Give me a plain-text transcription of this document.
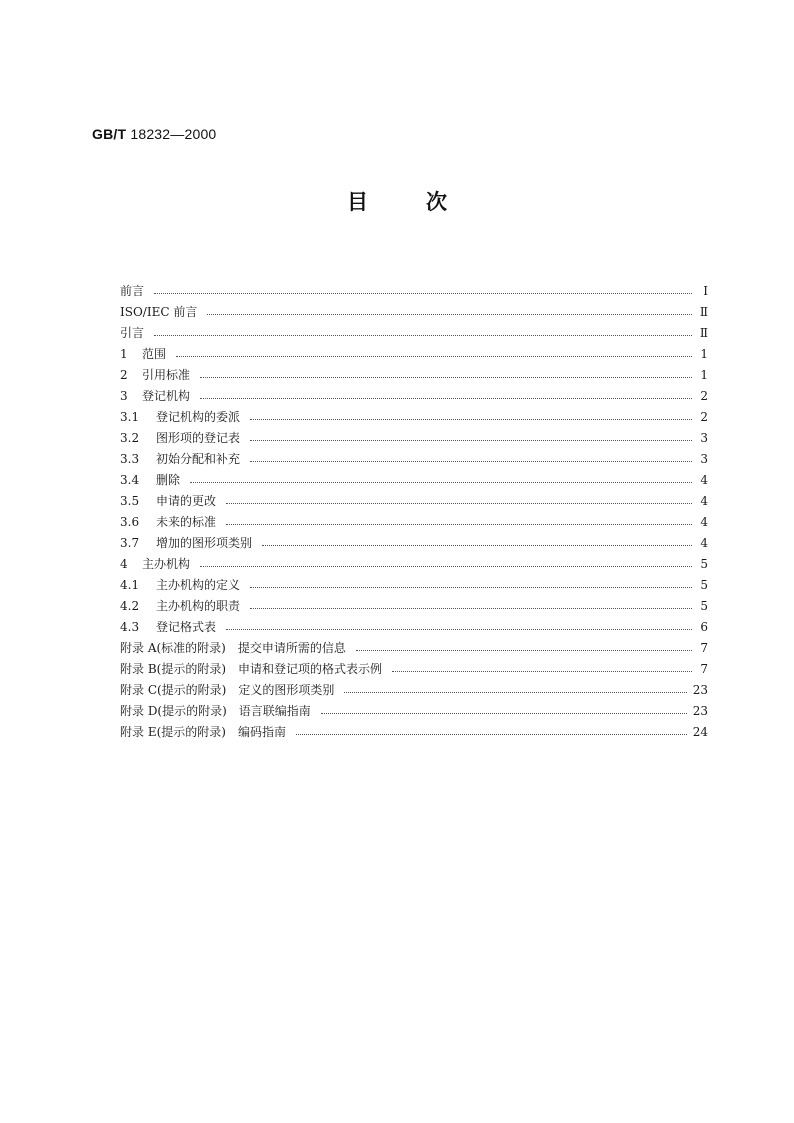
GB/T 18232—2000
目次
前言	I
ISO/IEC 前言	Ⅱ
引言	Ⅱ
1	范围	1
2	引用标准	1
3	登记机构	2
3.1	登记机构的委派	2
3.2	图形项的登记表	3
3.3	初始分配和补充	3
3.4	删除	4
3.5	申请的更改	4
3.6	未来的标准	4
3.7	增加的图形项类别	4
4	主办机构	5
4.1	主办机构的定义	5
4.2	主办机构的职责	5
4.3	登记格式表	6
附录 A(标准的附录)　提交申请所需的信息	7
附录 B(提示的附录)　申请和登记项的格式表示例	7
附录 C(提示的附录)　定义的图形项类别	23
附录 D(提示的附录)　语言联编指南	23
附录 E(提示的附录)　编码指南	24
